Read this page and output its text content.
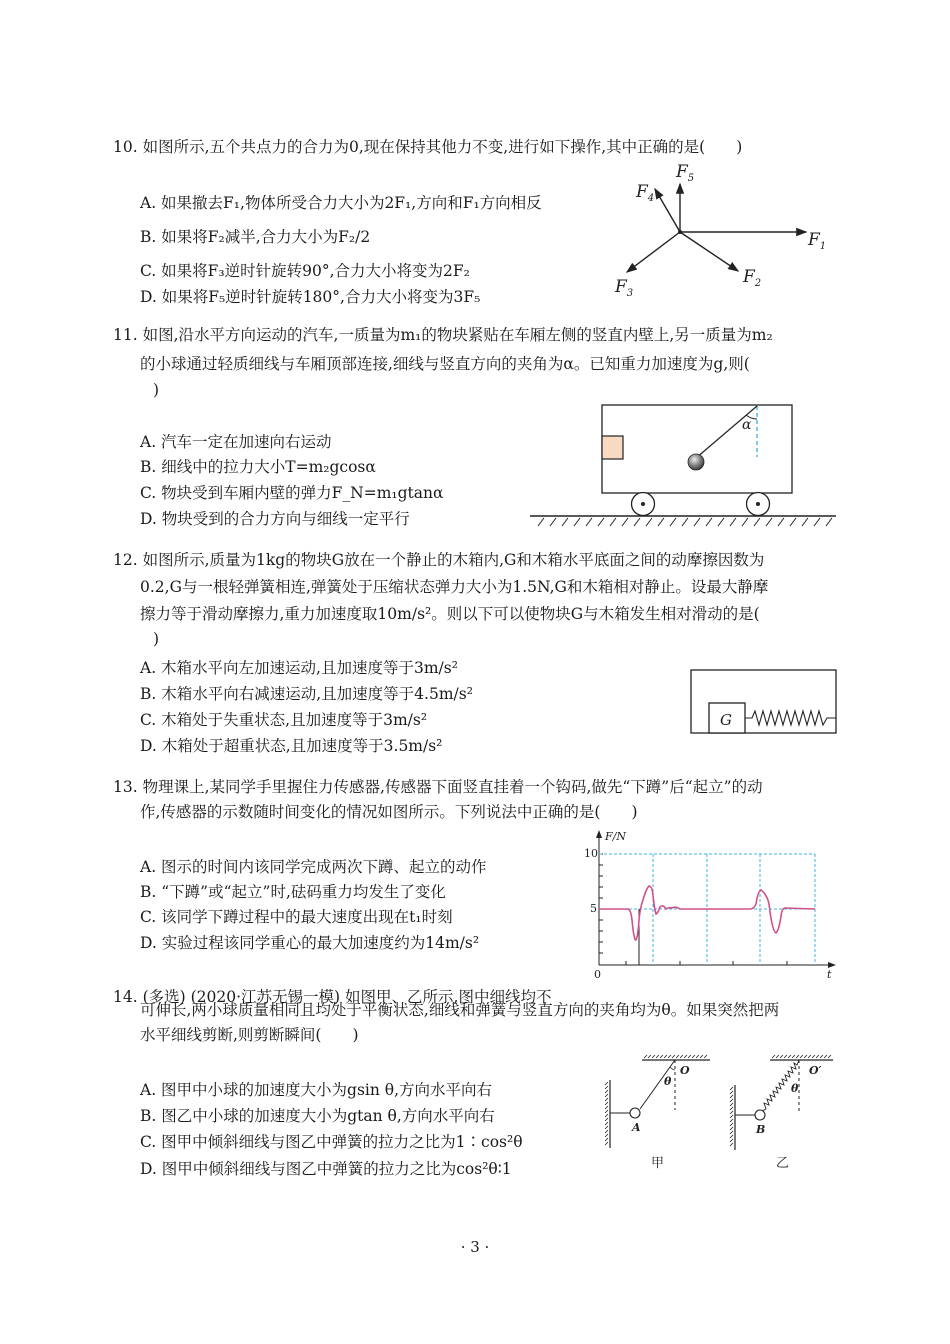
10. 如图所示,五个共点力的合力为0,现在保持其他力不变,进行如下操作,其中正确的是(　　)
A. 如果撤去F₁,物体所受合力大小为2F₁,方向和F₁方向相反
B. 如果将F₂减半,合力大小为F₂/2
C. 如果将F₃逆时针旋转90°,合力大小将变为2F₂
D. 如果将F₅逆时针旋转180°,合力大小将变为3F₅
$F_1$
$F_2$
$F_3$
$F_4$
$F_5$
11. 如图,沿水平方向运动的汽车,一质量为m₁的物块紧贴在车厢左侧的竖直内壁上,另一质量为m₂
的小球通过轻质细线与车厢顶部连接,细线与竖直方向的夹角为α。已知重力加速度为g,则(
)
A. 汽车一定在加速向右运动
B. 细线中的拉力大小T=m₂gcosα
C. 物块受到车厢内壁的弹力F_N=m₁gtanα
D. 物块受到的合力方向与细线一定平行
α
12. 如图所示,质量为1kg的物块G放在一个静止的木箱内,G和木箱水平底面之间的动摩擦因数为
0.2,G与一根轻弹簧相连,弹簧处于压缩状态弹力大小为1.5N,G和木箱相对静止。设最大静摩
擦力等于滑动摩擦力,重力加速度取10m/s²。则以下可以使物块G与木箱发生相对滑动的是(
)
A. 木箱水平向左加速运动,且加速度等于3m/s²
B. 木箱水平向右减速运动,且加速度等于4.5m/s²
C. 木箱处于失重状态,且加速度等于3m/s²
D. 木箱处于超重状态,且加速度等于3.5m/s²
G
13. 物理课上,某同学手里握住力传感器,传感器下面竖直挂着一个钩码,做先“下蹲”后“起立”的动
作,传感器的示数随时间变化的情况如图所示。下列说法中正确的是(　　)
A. 图示的时间内该同学完成两次下蹲、起立的动作
B. “下蹲”或“起立”时,砝码重力均发生了变化
C. 该同学下蹲过程中的最大速度出现在t₁时刻
D. 实验过程该同学重心的最大加速度约为14m/s²
F/N
10
5
0	t
14. (多选) (2020·江苏无锡一模) 如图甲、乙所示,图中细线均不
可伸长,两小球质量相同且均处于平衡状态,细线和弹簧与竖直方向的夹角均为θ。如果突然把两
水平细线剪断,则剪断瞬间(　　)
A. 图甲中小球的加速度大小为gsin θ,方向水平向右
B. 图乙中小球的加速度大小为gtan θ,方向水平向右
C. 图甲中倾斜细线与图乙中弹簧的拉力之比为1∶cos²θ
D. 图甲中倾斜细线与图乙中弹簧的拉力之比为cos²θ∶1
O
θ
A
甲
O′
θ
B
乙
· 3 ·
